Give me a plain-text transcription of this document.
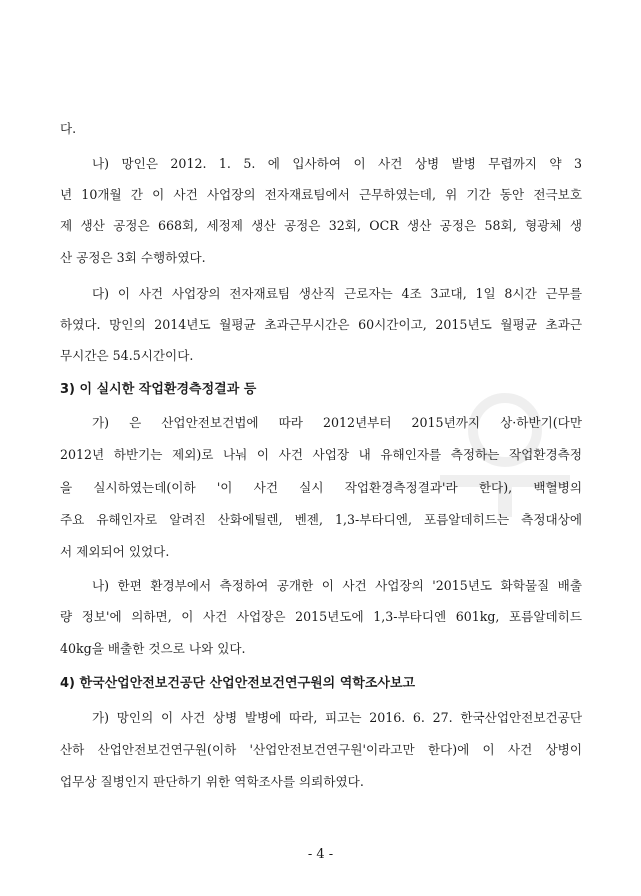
다.
나) 망인은 2012. 1. 5. 에 입사하여 이 사건 상병 발병 무렵까지 약 3
년 10개월 간 이 사건 사업장의 전자재료팀에서 근무하였는데, 위 기간 동안 전극보호
제 생산 공정은 668회, 세정제 생산 공정은 32회, OCR 생산 공정은 58회, 형광체 생
산 공정은 3회 수행하였다.
다) 이 사건 사업장의 전자재료팀 생산직 근로자는 4조 3교대, 1일 8시간 근무를
하였다. 망인의 2014년도 월평균 초과근무시간은 60시간이고, 2015년도 월평균 초과근
무시간은 54.5시간이다.
3) 이 실시한 작업환경측정결과 등
가) 은 산업안전보건법에 따라 2012년부터 2015년까지 상·하반기(다만
2012년 하반기는 제외)로 나눠 이 사건 사업장 내 유해인자를 측정하는 작업환경측정
을 실시하였는데(이하 '이 사건 실시 작업환경측정결과'라 한다), 백혈병의
주요 유해인자로 알려진 산화에틸렌, 벤젠, 1,3-부타디엔, 포름알데히드는 측정대상에
서 제외되어 있었다.
나) 한편 환경부에서 측정하여 공개한 이 사건 사업장의 '2015년도 화학물질 배출
량 정보'에 의하면, 이 사건 사업장은 2015년도에 1,3-부타디엔 601kg, 포름알데히드
40kg을 배출한 것으로 나와 있다.
4) 한국산업안전보건공단 산업안전보건연구원의 역학조사보고
가) 망인의 이 사건 상병 발병에 따라, 피고는 2016. 6. 27. 한국산업안전보건공단
산하 산업안전보건연구원(이하 '산업안전보건연구원'이라고만 한다)에 이 사건 상병이
업무상 질병인지 판단하기 위한 역학조사를 의뢰하였다.
- 4 -
